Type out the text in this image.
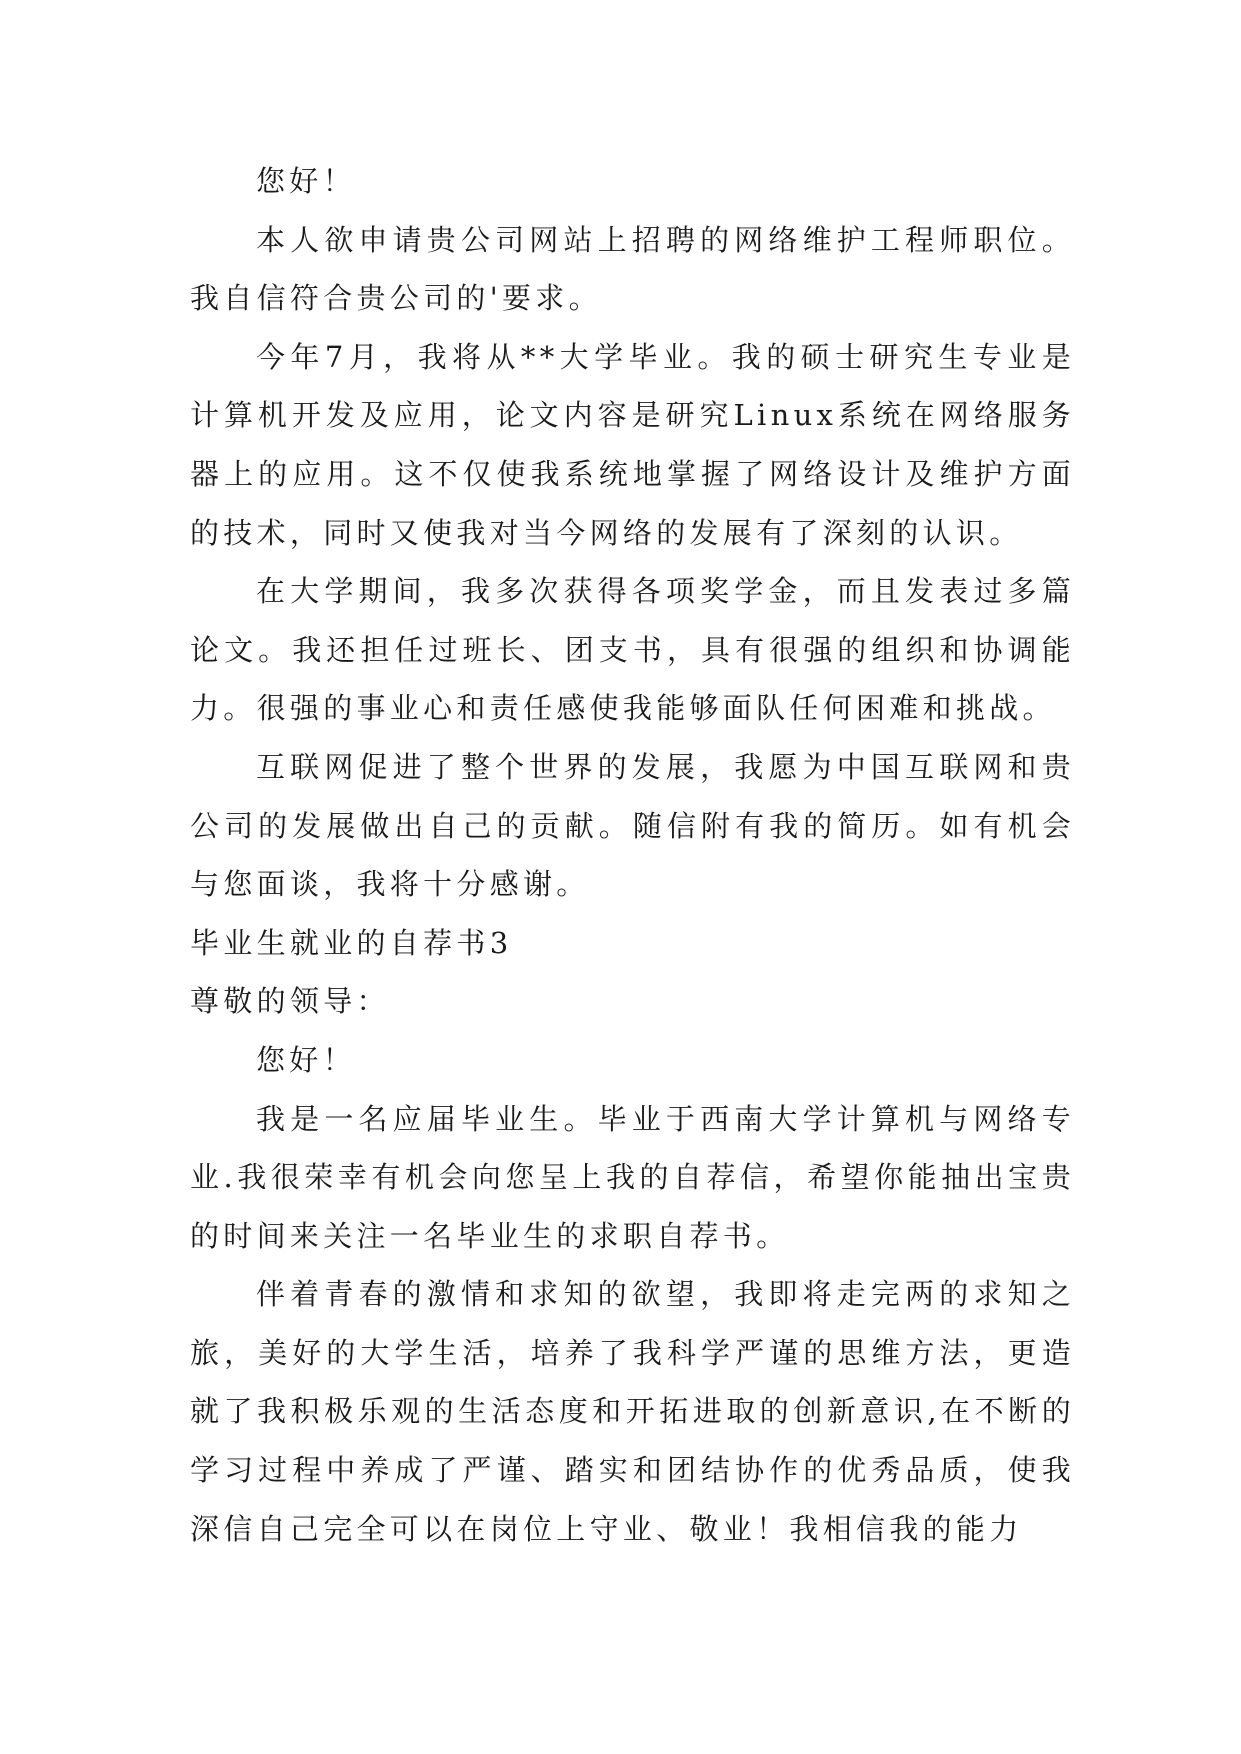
您好！

本人欲申请贵公司网站上招聘的网络维护工程师职位。我自信符合贵公司的'要求。

今年7月，我将从**大学毕业。我的硕士研究生专业是计算机开发及应用，论文内容是研究Linux系统在网络服务器上的应用。这不仅使我系统地掌握了网络设计及维护方面的技术，同时又使我对当今网络的发展有了深刻的认识。

在大学期间，我多次获得各项奖学金，而且发表过多篇论文。我还担任过班长、团支书，具有很强的组织和协调能力。很强的事业心和责任感使我能够面队任何困难和挑战。

互联网促进了整个世界的发展，我愿为中国互联网和贵公司的发展做出自己的贡献。随信附有我的简历。如有机会与您面谈，我将十分感谢。

毕业生就业的自荐书3

尊敬的领导：

您好！

我是一名应届毕业生。毕业于西南大学计算机与网络专业.我很荣幸有机会向您呈上我的自荐信，希望你能抽出宝贵的时间来关注一名毕业生的求职自荐书。

伴着青春的激情和求知的欲望，我即将走完两的求知之旅，美好的大学生活，培养了我科学严谨的思维方法，更造就了我积极乐观的生活态度和开拓进取的创新意识,在不断的学习过程中养成了严谨、踏实和团结协作的优秀品质，使我深信自己完全可以在岗位上守业、敬业！我相信我的能力
